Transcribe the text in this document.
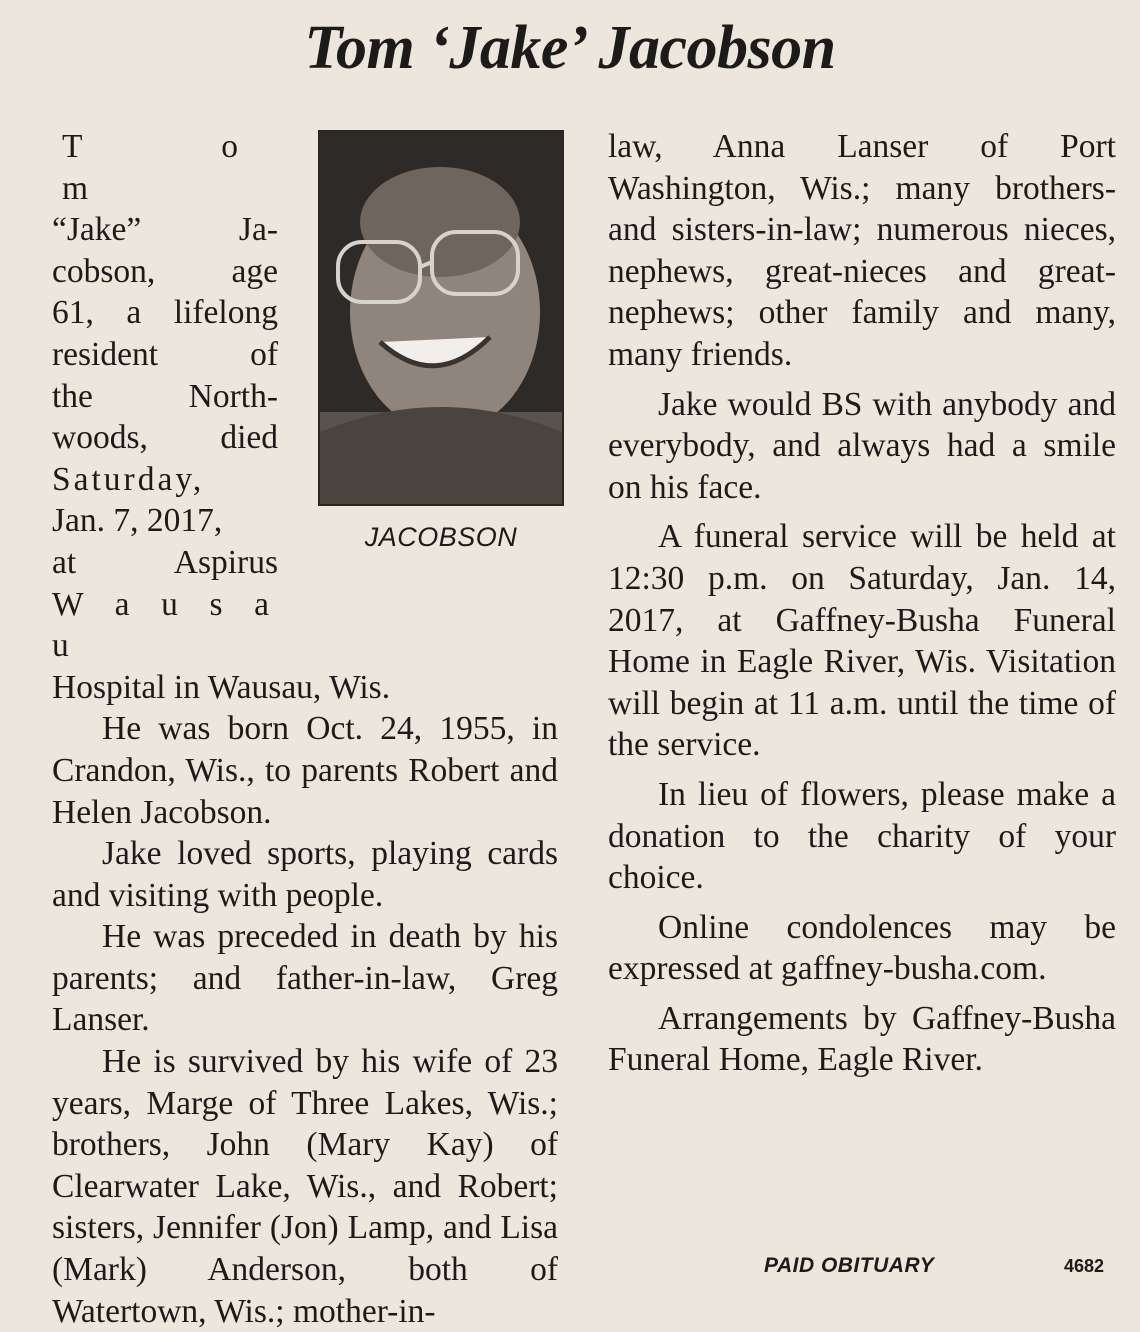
Tom ‘Jake’ Jacobson
JACOBSON
T o m
“Jake” Ja-
cobson, age
61, a lifelong
resident of
the North-
woods, died
Saturday,
Jan. 7, 2017,
at Aspirus
W a u s a u

Hospital in Wausau, Wis.

He was born Oct. 24, 1955, in Crandon, Wis., to parents Robert and Helen Jacobson.

Jake loved sports, playing cards and visiting with people.

He was preceded in death by his parents; and father-in-law, Greg Lanser.

He is survived by his wife of 23 years, Marge of Three Lakes, Wis.; brothers, John (Mary Kay) of Clearwater Lake, Wis., and Robert; sisters, Jennifer (Jon) Lamp, and Lisa (Mark) Anderson, both of Watertown, Wis.; mother-in-

law, Anna Lanser of Port Washington, Wis.; many brothers- and sisters-in-law; numerous nieces, nephews, great-nieces and great-nephews; other family and many, many friends.

Jake would BS with anybody and everybody, and always had a smile on his face.

A funeral service will be held at 12:30 p.m. on Saturday, Jan. 14, 2017, at Gaffney-Busha Funeral Home in Eagle River, Wis. Visitation will begin at 11 a.m. until the time of the service.

In lieu of flowers, please make a donation to the charity of your choice.

Online condolences may be expressed at gaffney-busha.com.

Arrangements by Gaffney-Busha Funeral Home, Eagle River.

PAID OBITUARY	4682
